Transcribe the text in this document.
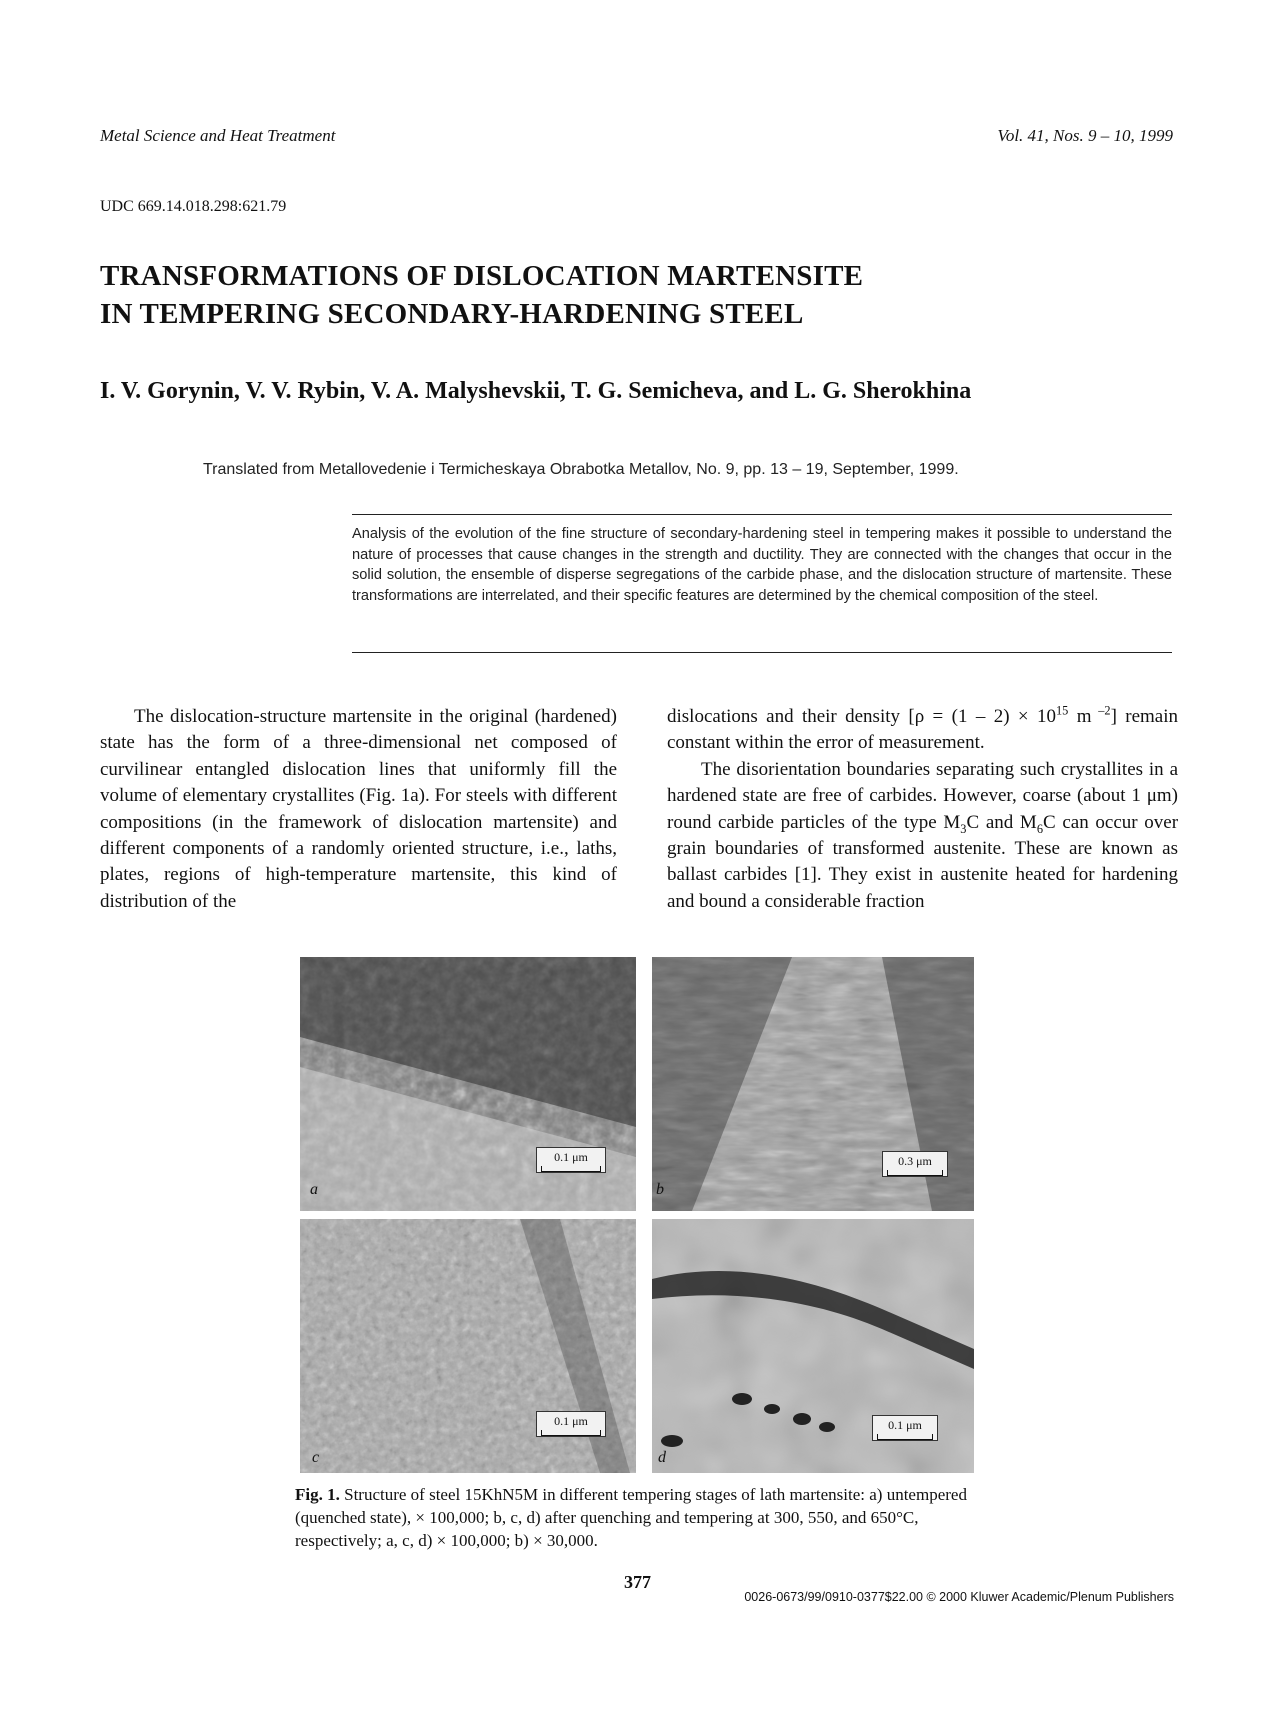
Metal Science and Heat Treatment	Vol. 41, Nos. 9 – 10, 1999
UDC 669.14.018.298:621.79
TRANSFORMATIONS OF DISLOCATION MARTENSITE
IN TEMPERING SECONDARY-HARDENING STEEL
I. V. Gorynin, V. V. Rybin, V. A. Malyshevskii, T. G. Semicheva, and L. G. Sherokhina
Translated from Metallovedenie i Termicheskaya Obrabotka Metallov, No. 9, pp. 13 – 19, September, 1999.
Analysis of the evolution of the fine structure of secondary-hardening steel in tempering makes it possible to understand the nature of processes that cause changes in the strength and ductility. They are connected with the changes that occur in the solid solution, the ensemble of disperse segregations of the carbide phase, and the dislocation structure of martensite. These transformations are interrelated, and their specific features are determined by the chemical composition of the steel.

The dislocation-structure martensite in the original (hardened) state has the form of a three-dimensional net composed of curvilinear entangled dislocation lines that uniformly fill the volume of elementary crystallites (Fig. 1a). For steels with different compositions (in the framework of dislocation martensite) and different components of a randomly oriented structure, i.e., laths, plates, regions of high-temperature martensite, this kind of distribution of the

dislocations and their density [$\rho = (1 - 2) \times 10^{15}$ m $^{-2}$] remain constant within the error of measurement.

The disorientation boundaries separating such crystallites in a hardened state are free of carbides. However, coarse (about 1 μm) round carbide particles of the type $M_3C$ and $M_6C$ can occur over grain boundaries of transformed austenite. These are known as ballast carbides [1]. They exist in austenite heated for hardening and bound a considerable fraction

0.1 μm
a
0.3 μm
b
0.1 μm
c
0.1 μm
d
Fig. 1. Structure of steel 15KhN5M in different tempering stages of lath martensite: a) untempered (quenched state), × 100,000; b, c, d) after quenching and tempering at 300, 550, and 650°C, respectively; a, c, d) × 100,000; b) × 30,000.
377
0026-0673/99/0910-0377$22.00 © 2000 Kluwer Academic/Plenum Publishers
